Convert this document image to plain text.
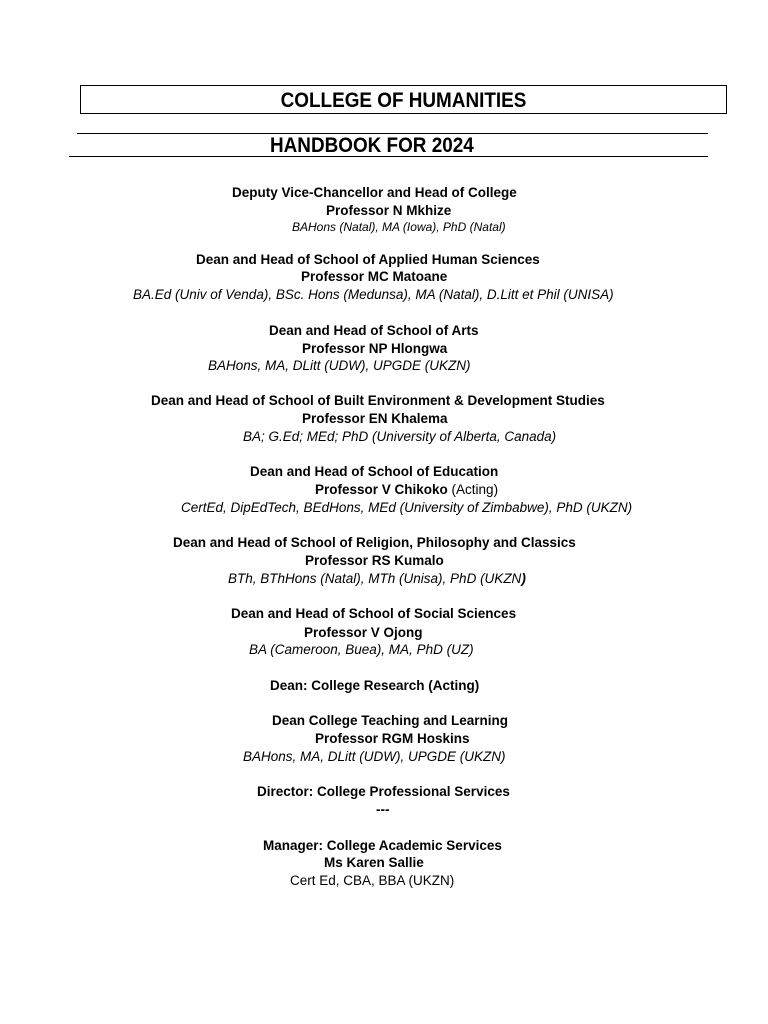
COLLEGE OF HUMANITIES
HANDBOOK FOR 2024
Deputy Vice-Chancellor and Head of College
Professor N Mkhize
BAHons (Natal), MA (Iowa), PhD (Natal)
Dean and Head of School of Applied Human Sciences
Professor MC Matoane
BA.Ed (Univ of Venda), BSc. Hons (Medunsa), MA (Natal), D.Litt et Phil (UNISA)
Dean and Head of School of Arts
Professor NP Hlongwa
BAHons, MA, DLitt (UDW), UPGDE (UKZN)
Dean and Head of School of Built Environment & Development Studies
Professor EN Khalema
BA; G.Ed; MEd; PhD (University of Alberta, Canada)
Dean and Head of School of Education
Professor V Chikoko (Acting)
CertEd, DipEdTech, BEdHons, MEd (University of Zimbabwe), PhD (UKZN)
Dean and Head of School of Religion, Philosophy and Classics
Professor RS Kumalo
BTh, BThHons (Natal), MTh (Unisa), PhD (UKZN)
Dean and Head of School of Social Sciences
Professor V Ojong
BA (Cameroon, Buea), MA, PhD (UZ)
Dean: College Research (Acting)
Dean College Teaching and Learning
Professor RGM Hoskins
BAHons, MA, DLitt (UDW), UPGDE (UKZN)
Director: College Professional Services
---
Manager: College Academic Services
Ms Karen Sallie
Cert Ed, CBA, BBA (UKZN)
